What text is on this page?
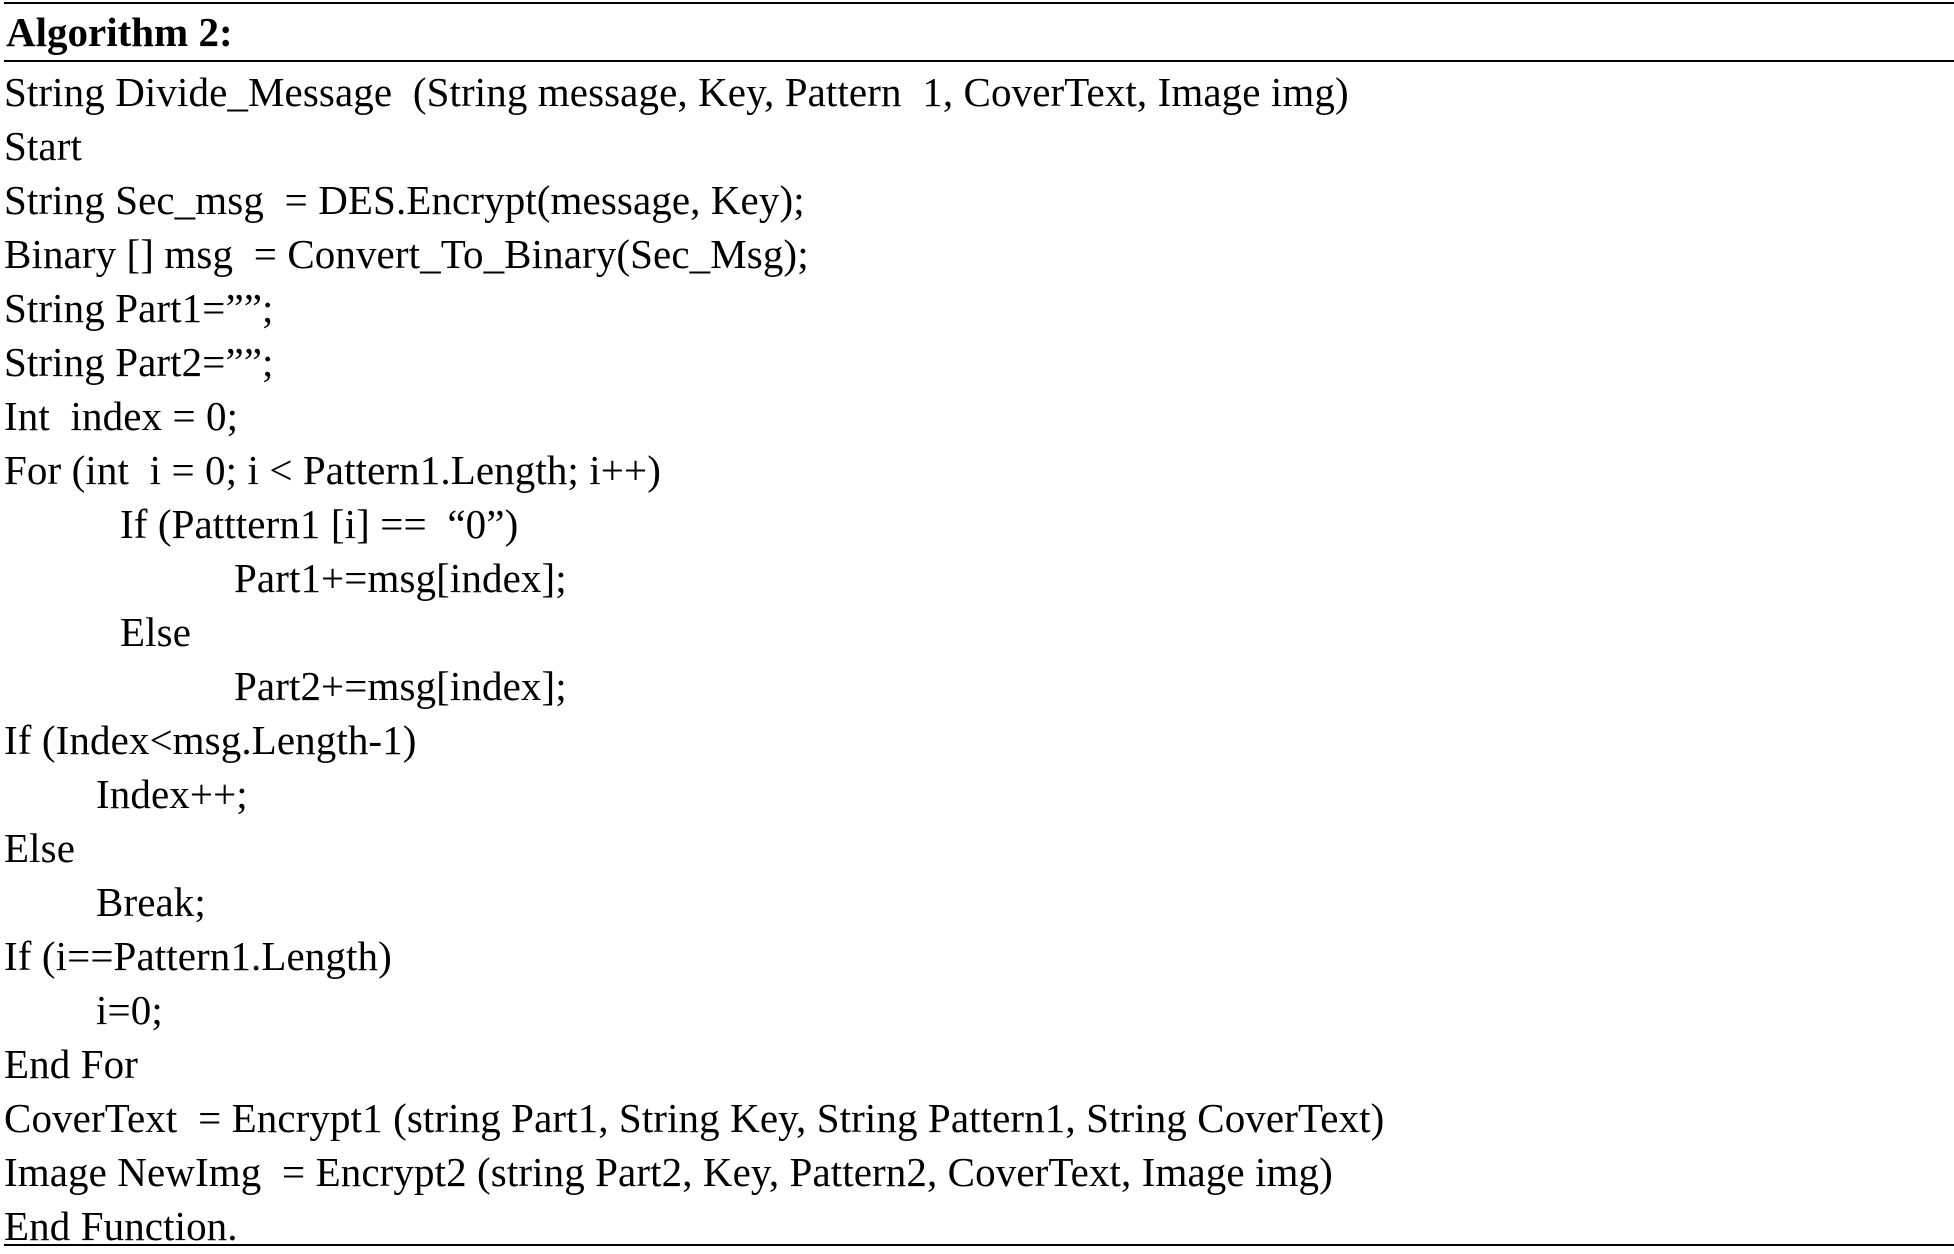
Algorithm 2:
String Divide_Message  (String message, Key, Pattern  1, CoverText, Image img)
Start
String Sec_msg  = DES.Encrypt(message, Key);
Binary [] msg  = Convert_To_Binary(Sec_Msg);
String Part1=””;
String Part2=””;
Int  index = 0;
For (int  i = 0; i < Pattern1.Length; i++)
If (Patttern1 [i] ==  “0”)
Part1+=msg[index];
Else
Part2+=msg[index];
If (Index<msg.Length-1)
Index++;
Else
Break;
If (i==Pattern1.Length)
i=0;
End For
CoverText  = Encrypt1 (string Part1, String Key, String Pattern1, String CoverText)
Image NewImg  = Encrypt2 (string Part2, Key, Pattern2, CoverText, Image img)
End Function.
